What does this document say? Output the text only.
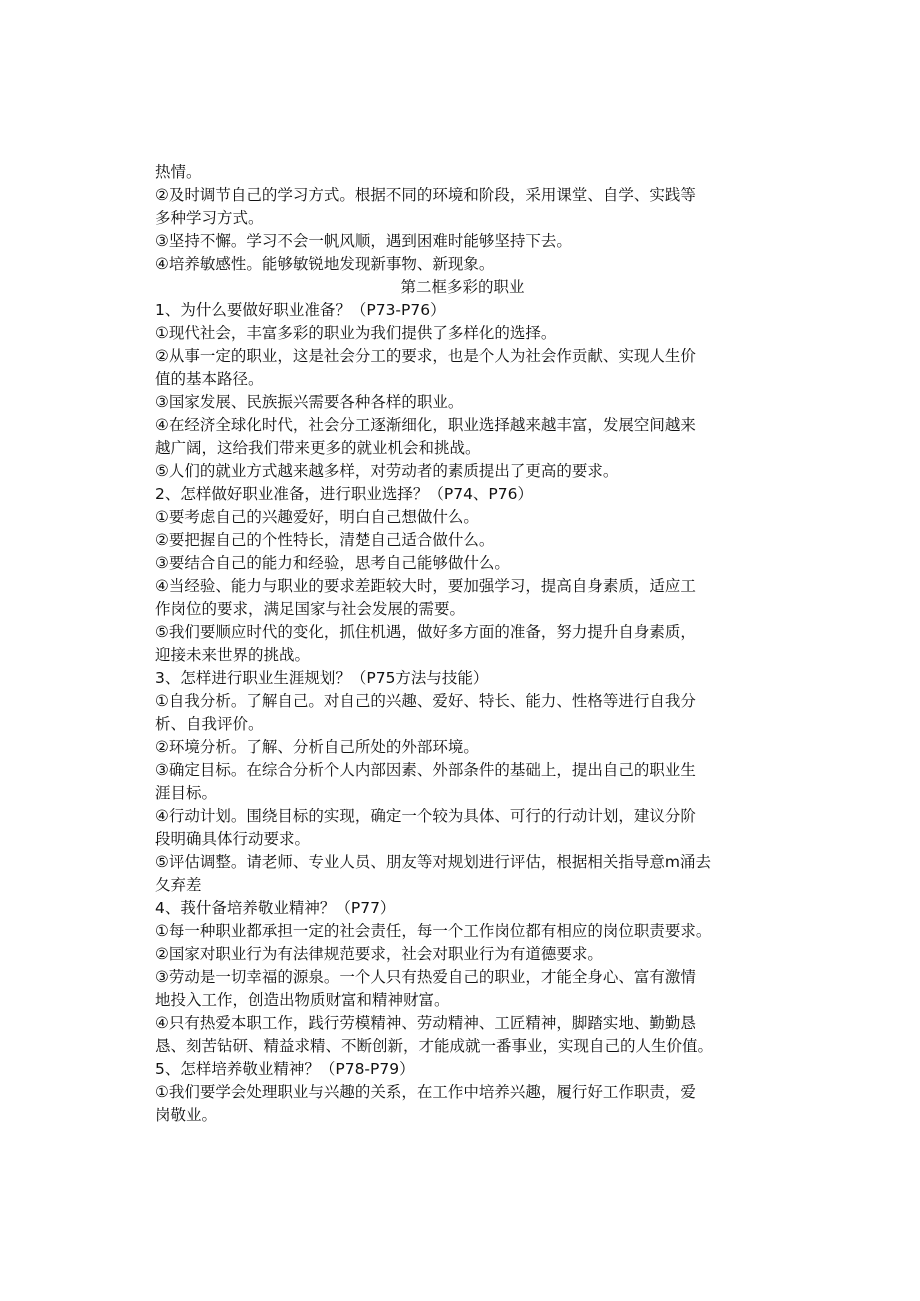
热情。
②及时调节自己的学习方式。根据不同的环境和阶段，采用课堂、自学、实践等
多种学习方式。
③坚持不懈。学习不会一帆风顺，遇到困难时能够坚持下去。
④培养敏感性。能够敏锐地发现新事物、新现象。
第二框多彩的职业
1、为什么要做好职业准备？（P73-P76）
①现代社会，丰富多彩的职业为我们提供了多样化的选择。
②从事一定的职业，这是社会分工的要求，也是个人为社会作贡献、实现人生价
值的基本路径。
③国家发展、民族振兴需要各种各样的职业。
④在经济全球化时代，社会分工逐渐细化，职业选择越来越丰富，发展空间越来
越广阔，这给我们带来更多的就业机会和挑战。
⑤人们的就业方式越来越多样，对劳动者的素质提出了更高的要求。
2、怎样做好职业准备，进行职业选择？（P74、P76）
①要考虑自己的兴趣爱好，明白自己想做什么。
②要把握自己的个性特长，清楚自己适合做什么。
③要结合自己的能力和经验，思考自己能够做什么。
④当经验、能力与职业的要求差距较大时，要加强学习，提高自身素质，适应工
作岗位的要求，满足国家与社会发展的需要。
⑤我们要顺应时代的变化，抓住机遇，做好多方面的准备，努力提升自身素质，
迎接未来世界的挑战。
3、怎样进行职业生涯规划？（P75方法与技能）
①自我分析。了解自己。对自己的兴趣、爱好、特长、能力、性格等进行自我分
析、自我评价。
②环境分析。了解、分析自己所处的外部环境。
③确定目标。在综合分析个人内部因素、外部条件的基础上，提出自己的职业生
涯目标。
④行动计划。围绕目标的实现，确定一个较为具体、可行的行动计划，建议分阶
段明确具体行动要求。
⑤评估调整。请老师、专业人员、朋友等对规划进行评估，根据相关指导意m涌去
夂弃差
4、莪什备培养敬业精神？（P77）
①每一种职业都承担一定的社会责任，每一个工作岗位都有相应的岗位职责要求。
②国家对职业行为有法律规范要求，社会对职业行为有道德要求。
③劳动是一切幸福的源泉。一个人只有热爱自己的职业，才能全身心、富有激情
地投入工作，创造出物质财富和精神财富。
④只有热爱本职工作，践行劳模精神、劳动精神、工匠精神，脚踏实地、勤勤恳
恳、刻苦钻研、精益求精、不断创新，才能成就一番事业，实现自己的人生价值。
5、怎样培养敬业精神？（P78-P79）
①我们要学会处理职业与兴趣的关系，在工作中培养兴趣，履行好工作职责，爱
岗敬业。
